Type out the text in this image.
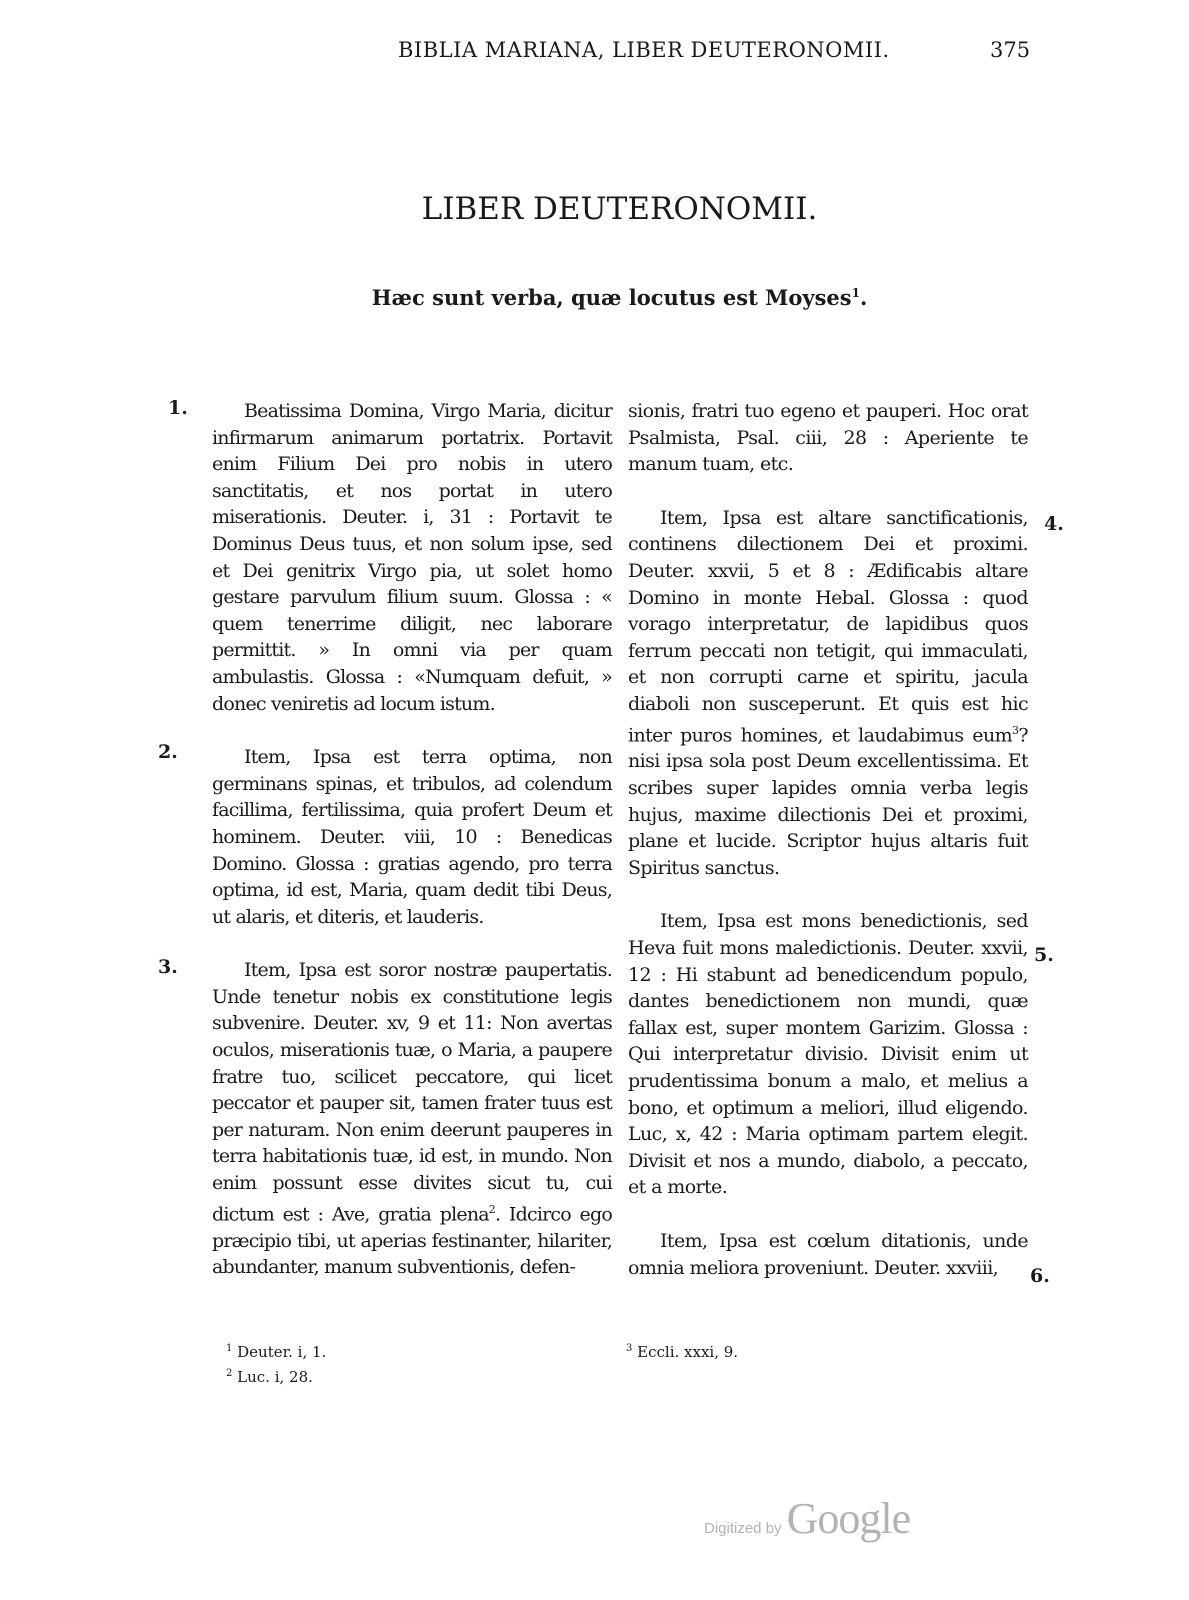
BIBLIA MARIANA, LIBER DEUTERONOMII.	375
LIBER DEUTERONOMII.
Hæc sunt verba, quæ locutus est Moyses$^1$.
1.
2.
3.
4.
5.
6.

Beatissima Domina, Virgo Maria, dicitur infirmarum animarum portatrix. Portavit enim Filium Dei pro nobis in utero sanctitatis, et nos portat in utero miserationis. Deuter. i, 31 : Portavit te Dominus Deus tuus, et non solum ipse, sed et Dei genitrix Virgo pia, ut solet homo gestare parvulum filium suum. Glossa : « quem tenerrime diligit, nec laborare permittit. » In omni via per quam ambulastis. Glossa : «Numquam defuit, » donec veniretis ad locum istum.

Item, Ipsa est terra optima, non germinans spinas, et tribulos, ad colendum facillima, fertilissima, quia profert Deum et hominem. Deuter. viii, 10 : Benedicas Domino. Glossa : gratias agendo, pro terra optima, id est, Maria, quam dedit tibi Deus, ut alaris, et diteris, et lauderis.

Item, Ipsa est soror nostræ paupertatis. Unde tenetur nobis ex constitutione legis subvenire. Deuter. xv, 9 et 11: Non avertas oculos, miserationis tuæ, o Maria, a paupere fratre tuo, scilicet peccatore, qui licet peccator et pauper sit, tamen frater tuus est per naturam. Non enim deerunt pauperes in terra habitationis tuæ, id est, in mundo. Non enim possunt esse divites sicut tu, cui dictum est : Ave, gratia plena$^2$. Idcirco ego præcipio tibi, ut aperias festinanter, hilariter, abundanter, manum subventionis, defen-

sionis, fratri tuo egeno et pauperi. Hoc orat Psalmista, Psal. ciii, 28 : Aperiente te manum tuam, etc.

Item, Ipsa est altare sanctificationis, continens dilectionem Dei et proximi. Deuter. xxvii, 5 et 8 : Ædificabis altare Domino in monte Hebal. Glossa : quod vorago interpretatur, de lapidibus quos ferrum peccati non tetigit, qui immaculati, et non corrupti carne et spiritu, jacula diaboli non susceperunt. Et quis est hic inter puros homines, et laudabimus eum$^3$? nisi ipsa sola post Deum excellentissima. Et scribes super lapides omnia verba legis hujus, maxime dilectionis Dei et proximi, plane et lucide. Scriptor hujus altaris fuit Spiritus sanctus.

Item, Ipsa est mons benedictionis, sed Heva fuit mons maledictionis. Deuter. xxvii, 12 : Hi stabunt ad benedicendum populo, dantes benedictionem non mundi, quæ fallax est, super montem Garizim. Glossa : Qui interpretatur divisio. Divisit enim ut prudentissima bonum a malo, et melius a bono, et optimum a meliori, illud eligendo. Luc, x, 42 : Maria optimam partem elegit. Divisit et nos a mundo, diabolo, a peccato, et a morte.

Item, Ipsa est cœlum ditationis, unde omnia meliora proveniunt. Deuter. xxviii,

$^1$ Deuter. i, 1.
$^2$ Luc. i, 28.
$^3$ Eccli. xxxi, 9.
Digitized by Google
